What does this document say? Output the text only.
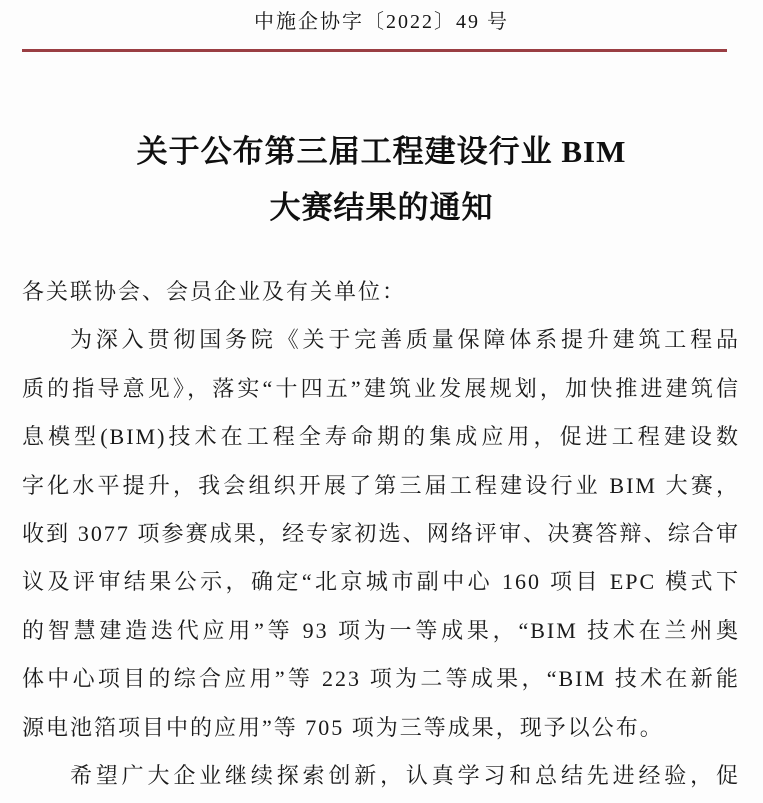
中施企协字〔2022〕49 号
关于公布第三届工程建设行业 BIM
大赛结果的通知
各关联协会、会员企业及有关单位：
为深入贯彻国务院《关于完善质量保障体系提升建筑工程品
质的指导意见》，落实“十四五”建筑业发展规划，加快推进建筑信
息模型(BIM)技术在工程全寿命期的集成应用，促进工程建设数
字化水平提升，我会组织开展了第三届工程建设行业 BIM 大赛，
收到 3077 项参赛成果，经专家初选、网络评审、决赛答辩、综合审
议及评审结果公示，确定“北京城市副中心 160 项目 EPC 模式下
的智慧建造迭代应用”等 93 项为一等成果，“BIM 技术在兰州奥
体中心项目的综合应用”等 223 项为二等成果，“BIM 技术在新能
源电池箔项目中的应用”等 705 项为三等成果，现予以公布。
希望广大企业继续探索创新，认真学习和总结先进经验，促
